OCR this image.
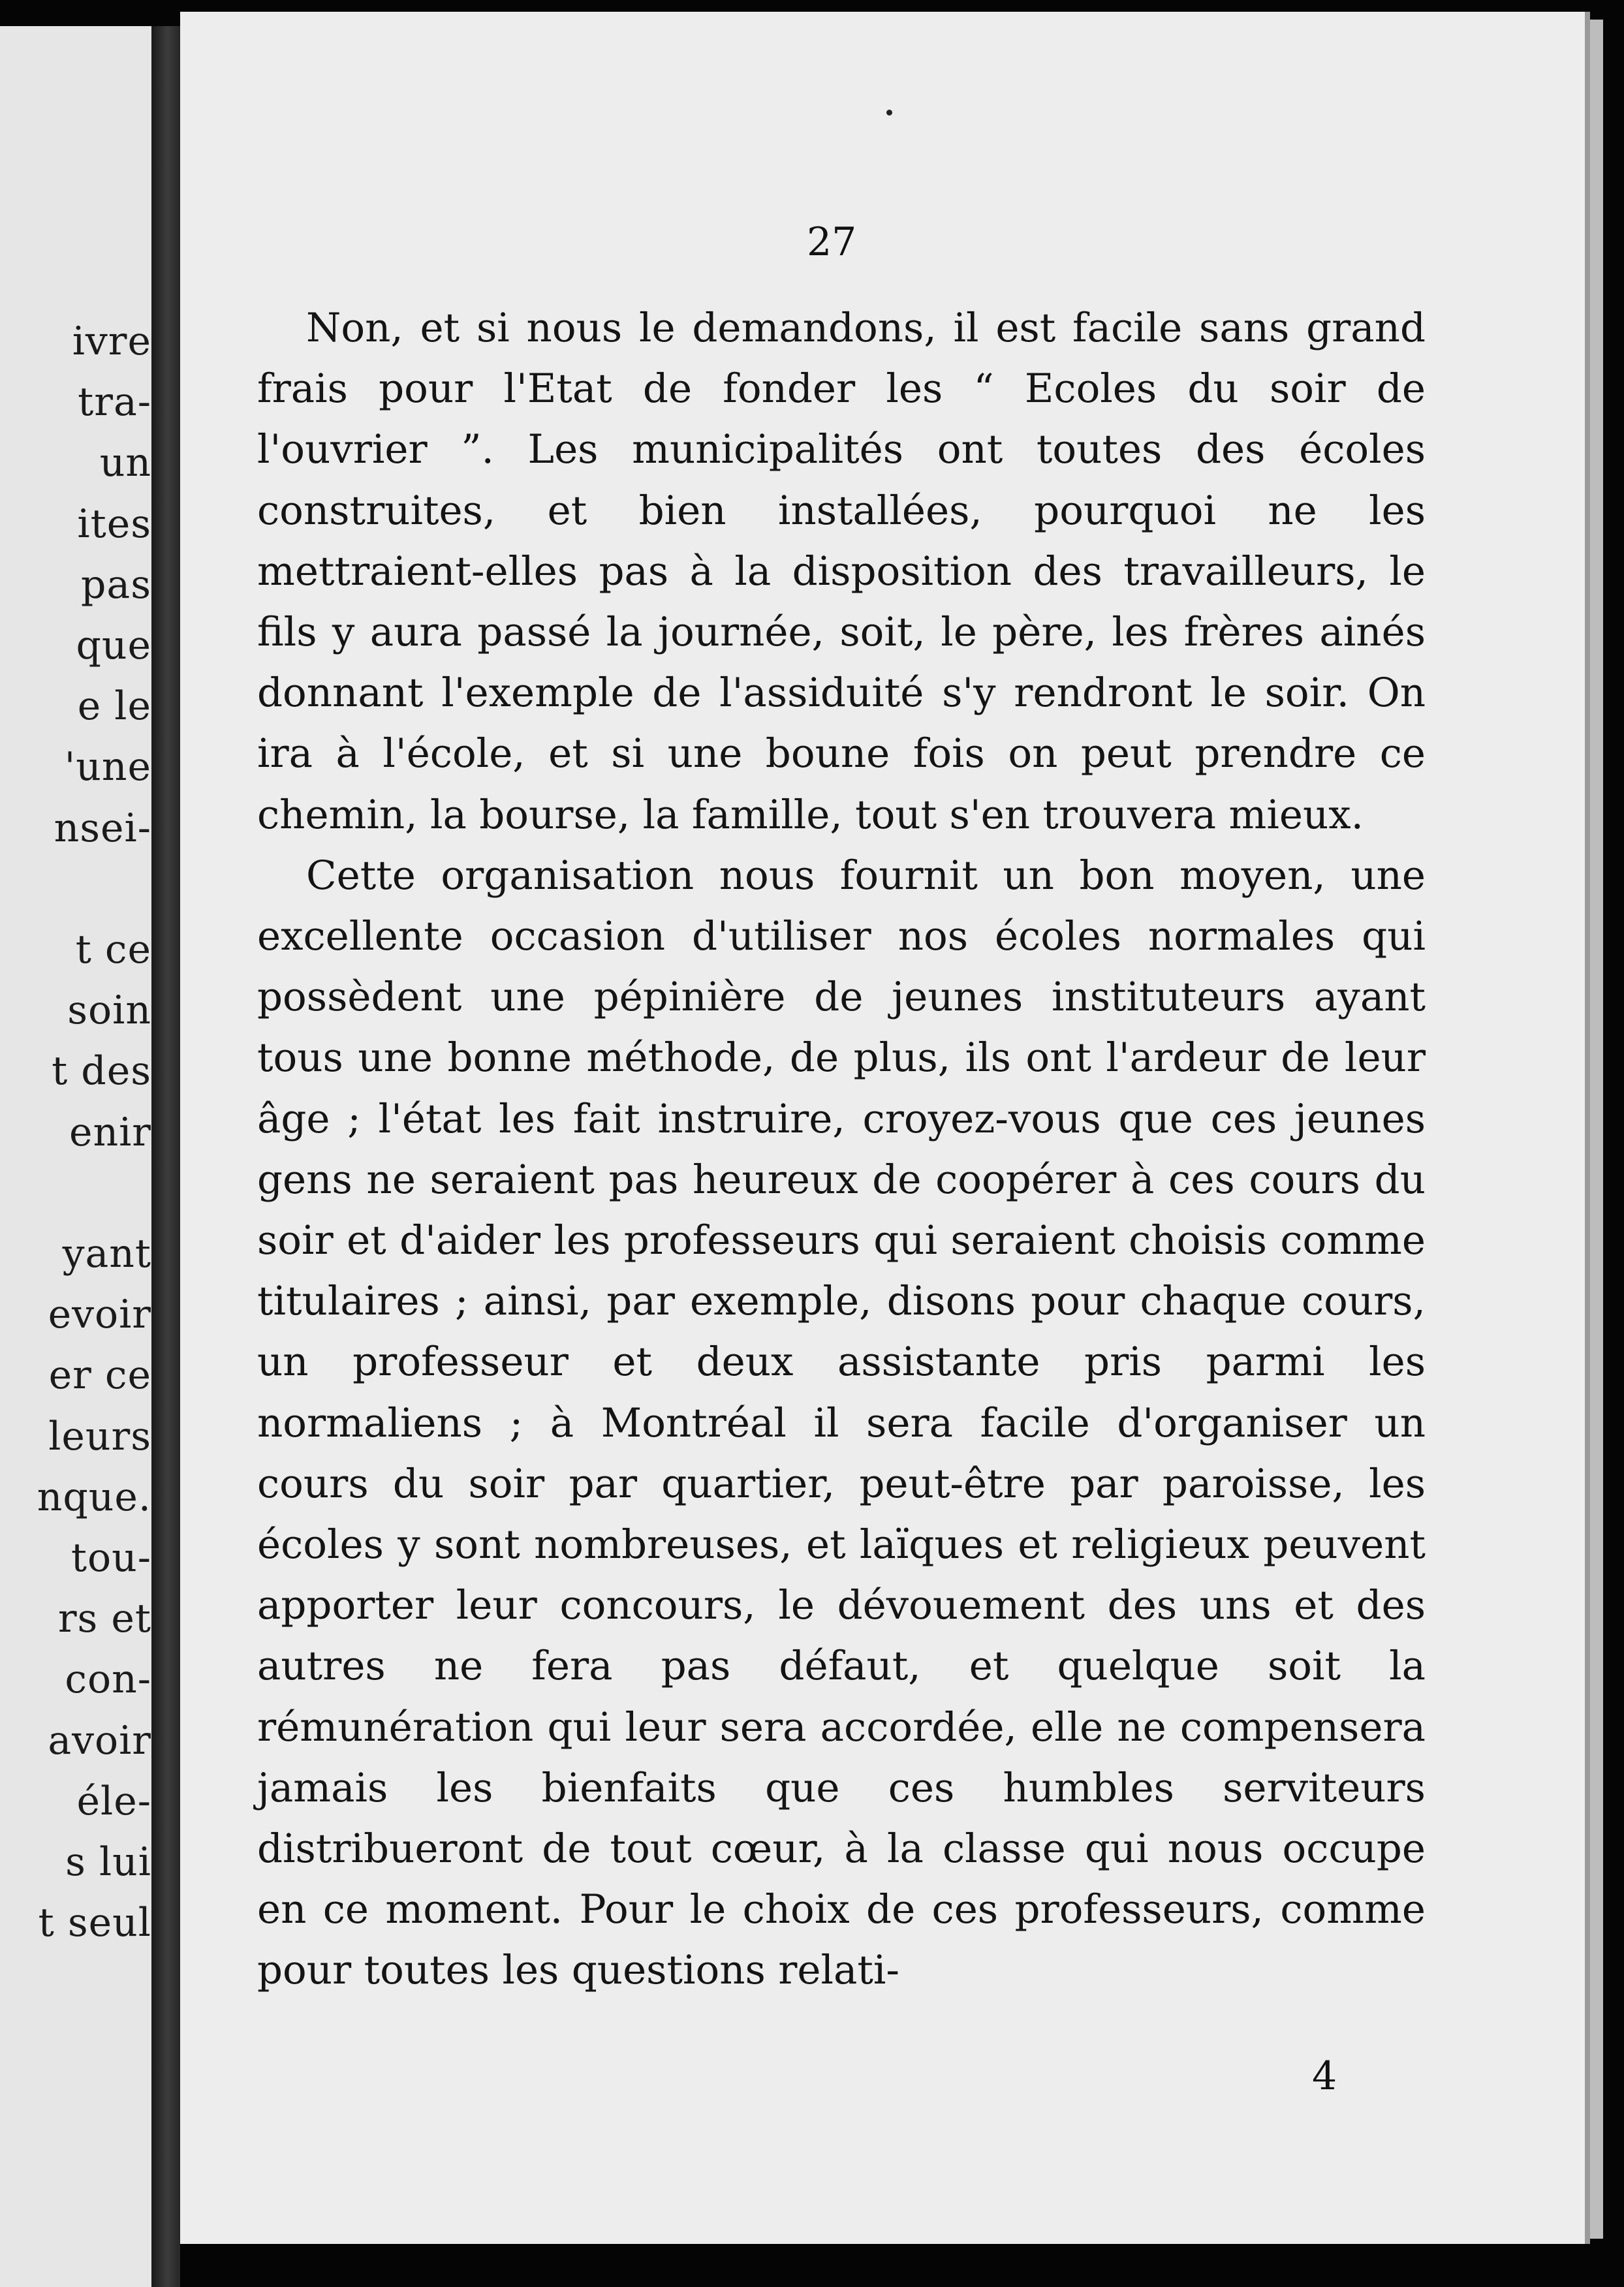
ivre
tra-
un
ites
pas
que
e le
'une
nsei-
t ce
soin
t des
enir
yant
evoir
er ce
leurs
nque.
tou-
rs et
con-
avoir
éle-
s lui
t seul
27

Non, et si nous le demandons, il est facile sans grand frais pour l'Etat de fonder les “ Ecoles du soir de l'ouvrier ”. Les municipalités ont toutes des écoles construites, et bien installées, pourquoi ne les mettraient-elles pas à la disposition des travailleurs, le fils y aura passé la journée, soit, le père, les frères ainés donnant l'exemple de l'assiduité s'y rendront le soir. On ira à l'école, et si une boune fois on peut prendre ce chemin, la bourse, la famille, tout s'en trouvera mieux.

Cette organisation nous fournit un bon moyen, une excellente occasion d'utiliser nos écoles normales qui possèdent une pépinière de jeunes instituteurs ayant tous une bonne méthode, de plus, ils ont l'ardeur de leur âge ; l'état les fait instruire, croyez-vous que ces jeunes gens ne seraient pas heureux de coopérer à ces cours du soir et d'aider les professeurs qui seraient choisis comme titulaires ; ainsi, par exemple, disons pour chaque cours, un professeur et deux assistante pris parmi les normaliens ; à Montréal il sera facile d'organiser un cours du soir par quartier, peut-être par paroisse, les écoles y sont nombreuses, et laïques et religieux peuvent apporter leur concours, le dévouement des uns et des autres ne fera pas défaut, et quelque soit la rémunération qui leur sera accordée, elle ne compensera jamais les bienfaits que ces humbles serviteurs distribueront de tout cœur, à la classe qui nous occupe en ce moment. Pour le choix de ces professeurs, comme pour toutes les questions relati-

4
